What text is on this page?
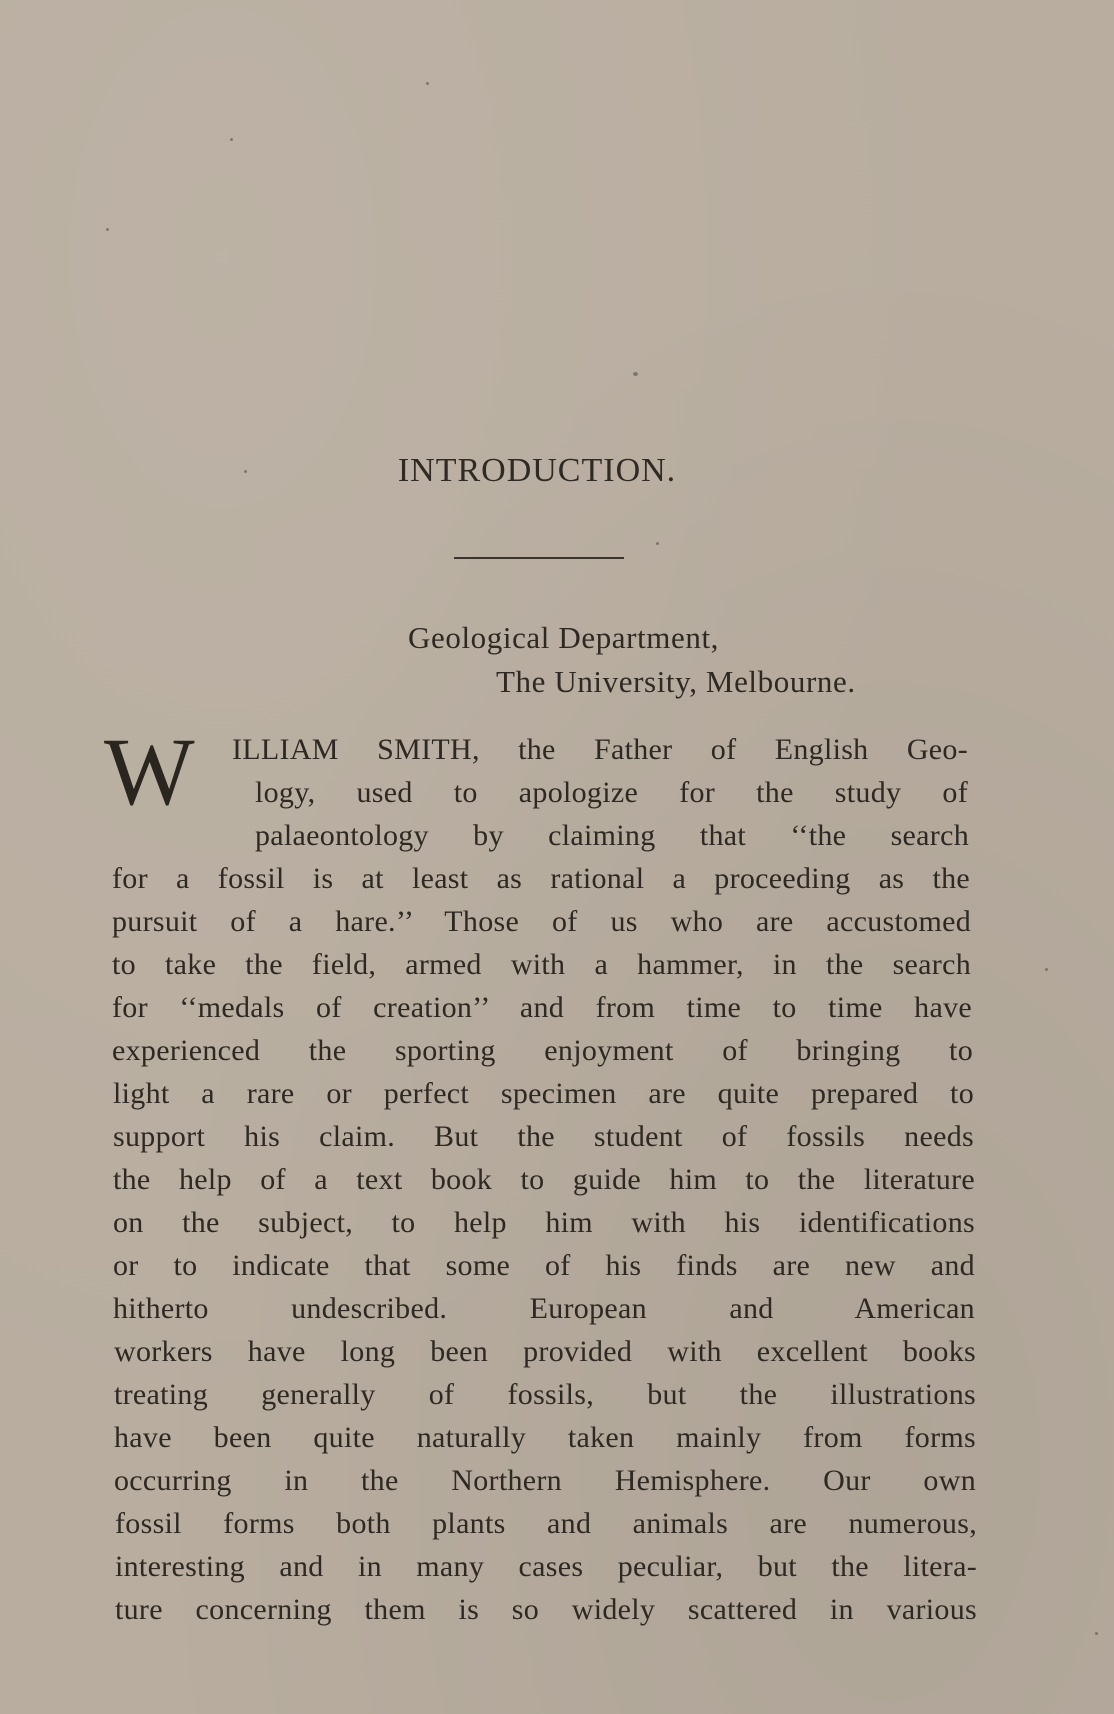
INTRODUCTION.
Geological Department,
The University, Melbourne.
W ILLIAM SMITH, the Father of English Geo-
logy, used to apologize for the study of
palaeontology by claiming that ‘‘the search
for a fossil is at least as rational a proceeding as the
pursuit of a hare.’’ Those of us who are accustomed
to take the field, armed with a hammer, in the search
for ‘‘medals of creation’’ and from time to time have
experienced the sporting enjoyment of bringing to
light a rare or perfect specimen are quite prepared to
support his claim. But the student of fossils needs
the help of a text book to guide him to the literature
on the subject, to help him with his identifications
or to indicate that some of his finds are new and
hitherto undescribed. European and American
workers have long been provided with excellent books
treating generally of fossils, but the illustrations
have been quite naturally taken mainly from forms
occurring in the Northern Hemisphere. Our own
fossil forms both plants and animals are numerous,
interesting and in many cases peculiar, but the litera-
ture concerning them is so widely scattered in various
